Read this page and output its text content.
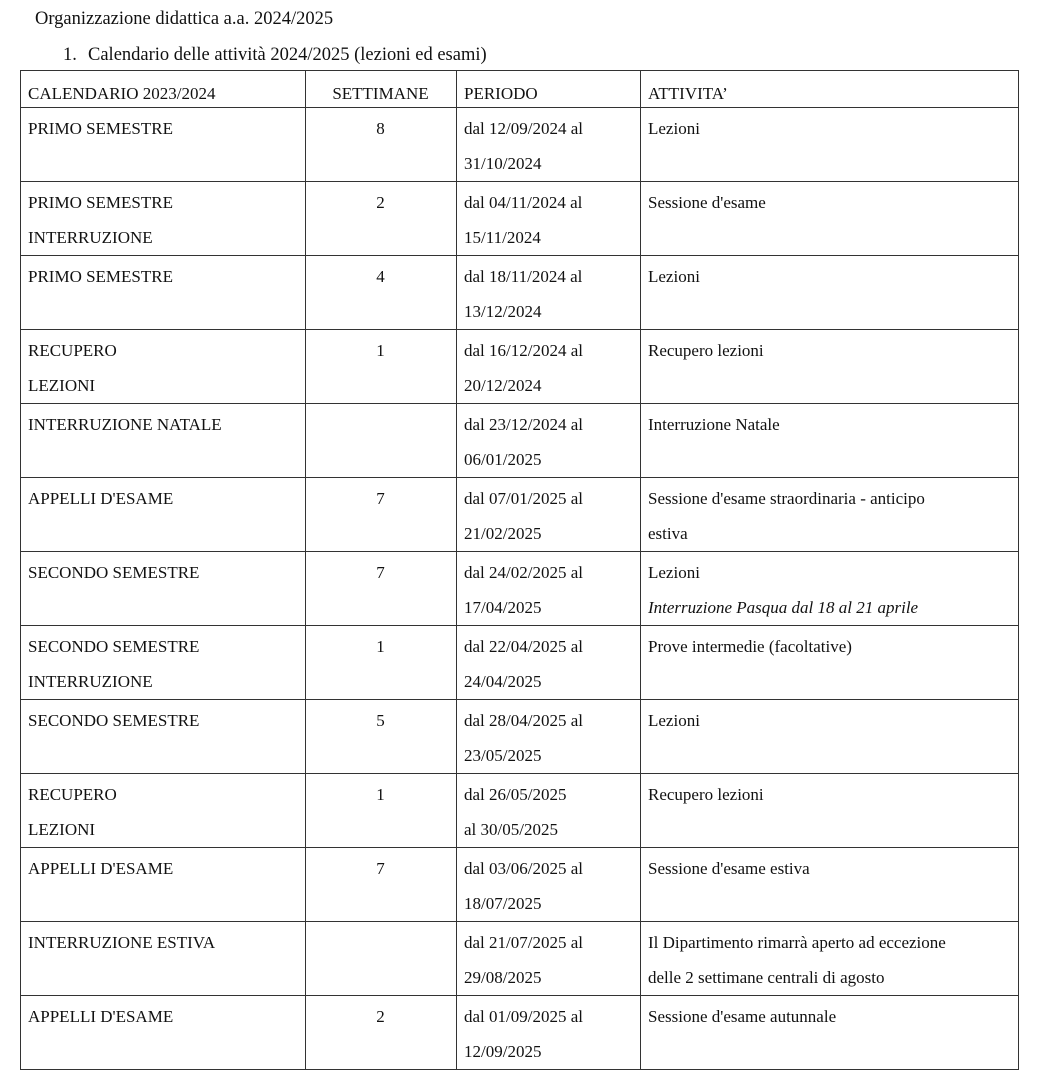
Organizzazione didattica a.a. 2024/2025
1. Calendario delle attività 2024/2025 (lezioni ed esami)
CALENDARIO 2023/2024	SETTIMANE	PERIODO	ATTIVITA’

PRIMO SEMESTRE	8	dal 12/09/2024 al
31/10/2024	Lezioni

PRIMO SEMESTRE
INTERRUZIONE	2	dal 04/11/2024 al
15/11/2024	Sessione d'esame

PRIMO SEMESTRE	4	dal 18/11/2024 al
13/12/2024	Lezioni

RECUPERO
LEZIONI	1	dal 16/12/2024 al
20/12/2024	Recupero lezioni

INTERRUZIONE NATALE		dal 23/12/2024 al
06/01/2025	Interruzione Natale

APPELLI D'ESAME	7	dal 07/01/2025 al
21/02/2025	Sessione d'esame straordinaria - anticipo
estiva

SECONDO SEMESTRE	7	dal 24/02/2025 al
17/04/2025	Lezioni
Interruzione Pasqua dal 18 al 21 aprile

SECONDO SEMESTRE
INTERRUZIONE	1	dal 22/04/2025 al
24/04/2025	Prove intermedie (facoltative)

SECONDO SEMESTRE	5	dal 28/04/2025 al
23/05/2025	Lezioni

RECUPERO
LEZIONI	1	dal 26/05/2025
al 30/05/2025	Recupero lezioni

APPELLI D'ESAME	7	dal 03/06/2025 al
18/07/2025	Sessione d'esame estiva

INTERRUZIONE ESTIVA		dal 21/07/2025 al
29/08/2025	Il Dipartimento rimarrà aperto ad eccezione
delle 2 settimane centrali di agosto

APPELLI D'ESAME	2	dal 01/09/2025 al
12/09/2025	Sessione d'esame autunnale
